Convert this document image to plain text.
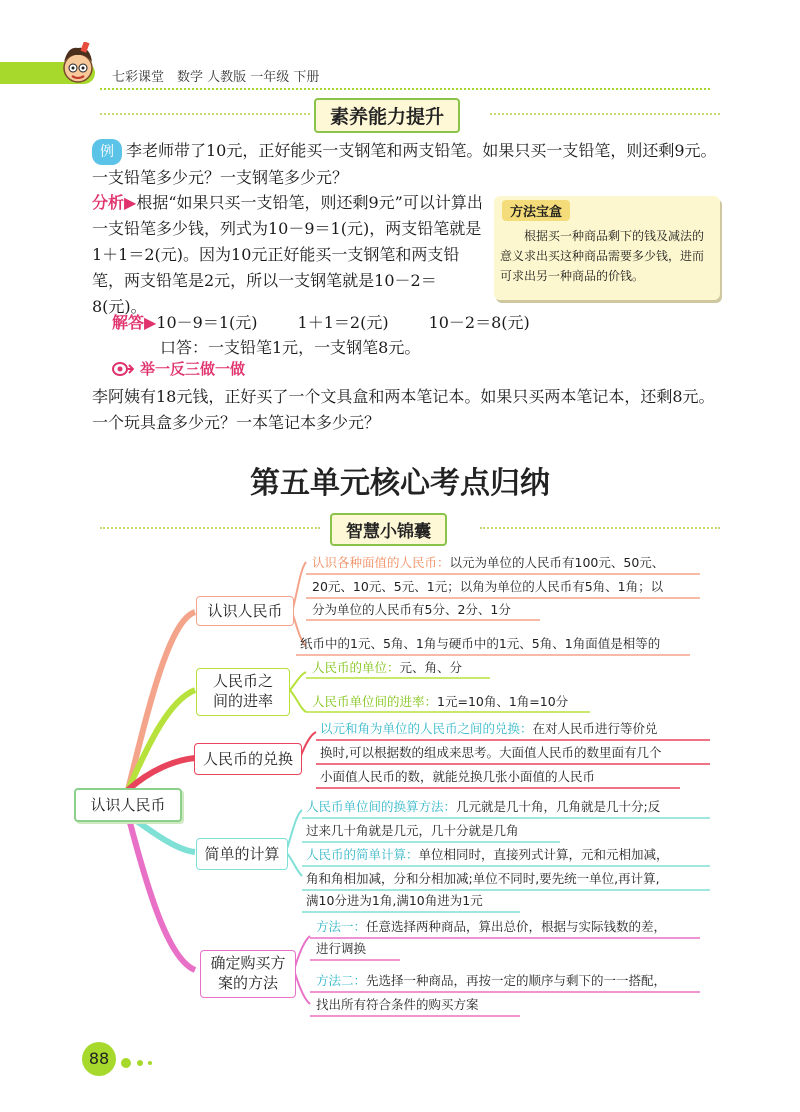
七彩课堂　数学 人教版 一年级 下册
素养能力提升
例 李老师带了10元，正好能买一支钢笔和两支铅笔。如果只买一支铅笔，则还剩9元。一支铅笔多少元？一支钢笔多少元？
分析▶根据“如果只买一支铅笔，则还剩9元”可以计算出一支铅笔多少钱，列式为10－9＝1(元)，两支铅笔就是1＋1＝2(元)。因为10元正好能买一支钢笔和两支铅笔，两支铅笔是2元，所以一支钢笔就是10－2＝8(元)。
方法宝盒
根据买一种商品剩下的钱及减法的意义求出买这种商品需要多少钱，进而可求出另一种商品的价钱。
解答▶10－9＝1(元)	1＋1＝2(元)	10－2＝8(元)
口答：一支铅笔1元，一支钢笔8元。
举一反三做一做
李阿姨有18元钱，正好买了一个文具盒和两本笔记本。如果只买两本笔记本，还剩8元。一个玩具盒多少元？一本笔记本多少元？
第五单元核心考点归纳
智慧小锦囊
认识人民币
认识人民币
认识各种面值的人民币：以元为单位的人民币有100元、50元、
20元、10元、5元、1元；以角为单位的人民币有5角、1角；以
分为单位的人民币有5分、2分、1分
纸币中的1元、5角、1角与硬币中的1元、5角、1角面值是相等的
人民币之
间的进率
人民币的单位：元、角、分
人民币单位间的进率：1元=10角、1角=10分
人民币的兑换
以元和角为单位的人民币之间的兑换：在对人民币进行等价兑
换时,可以根据数的组成来思考。大面值人民币的数里面有几个
小面值人民币的数，就能兑换几张小面值的人民币
简单的计算
人民币单位间的换算方法：几元就是几十角，几角就是几十分;反
过来几十角就是几元，几十分就是几角
人民币的简单计算：单位相同时，直接列式计算，元和元相加减，
角和角相加减，分和分相加减;单位不同时,要先统一单位,再计算,
满10分进为1角,满10角进为1元
确定购买方
案的方法
方法一：任意选择两种商品，算出总价，根据与实际钱数的差，
进行调换
方法二：先选择一种商品，再按一定的顺序与剩下的一一搭配，
找出所有符合条件的购买方案
88
